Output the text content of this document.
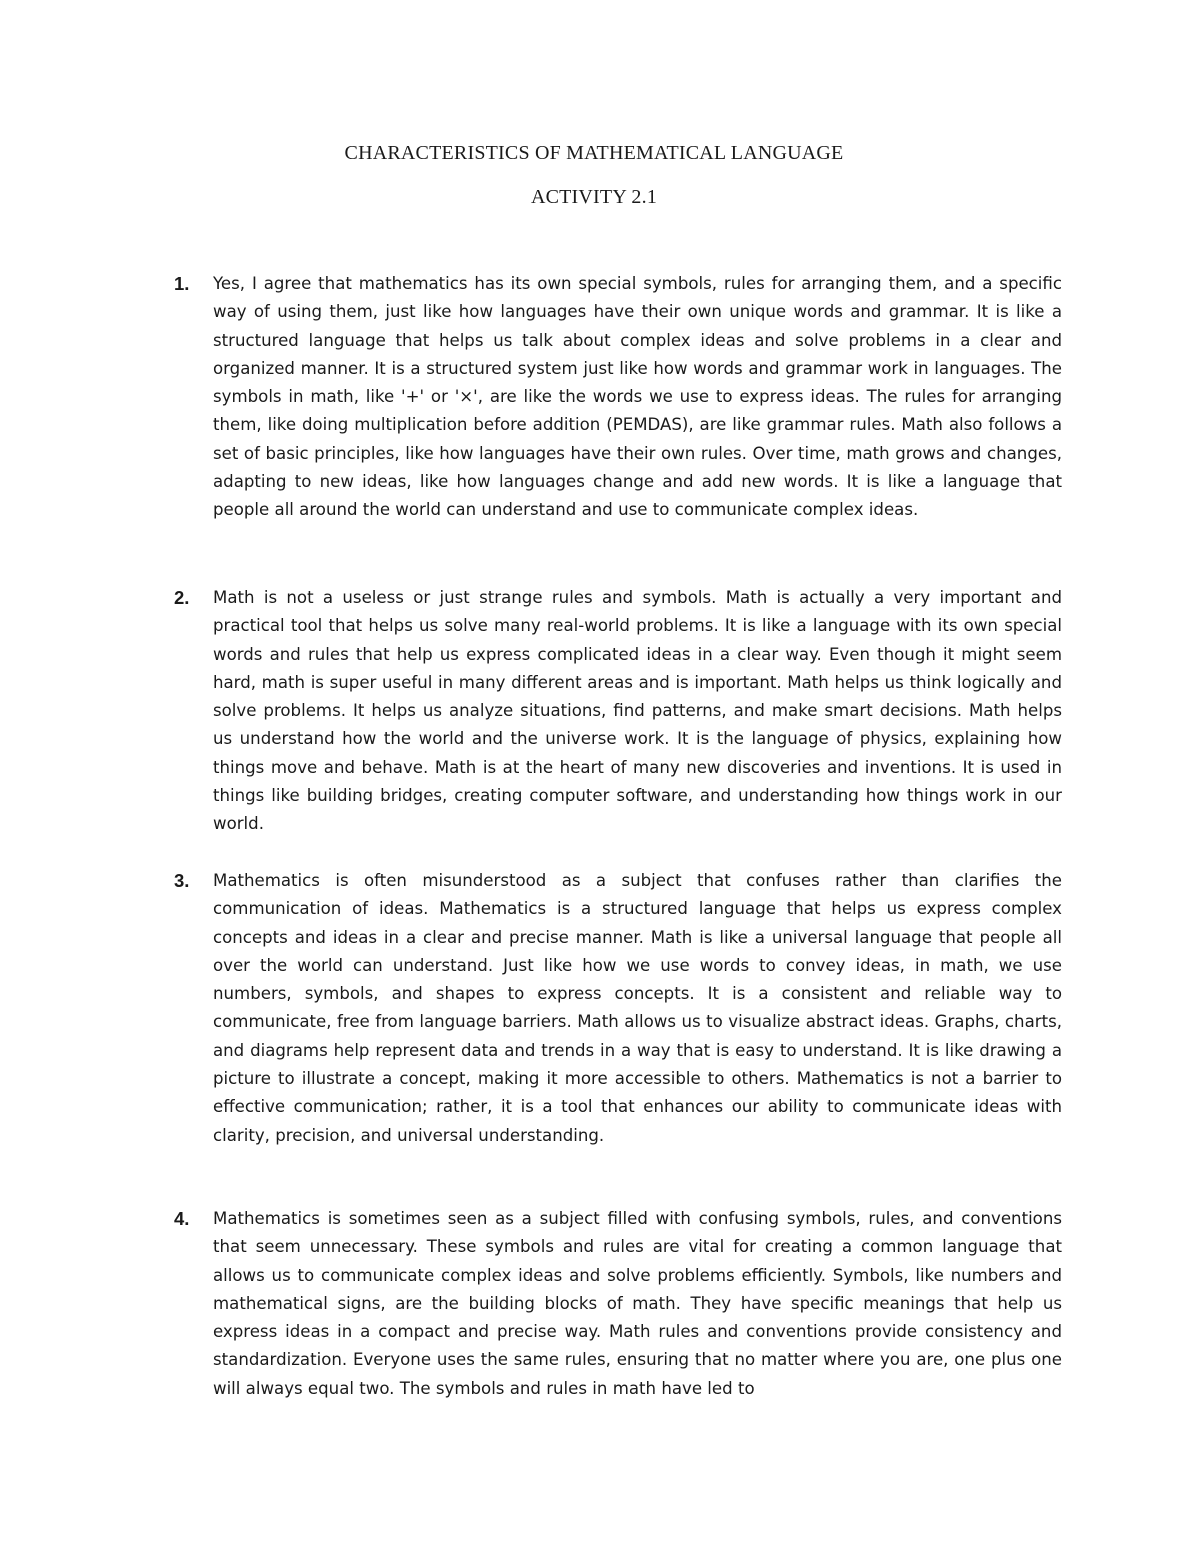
CHARACTERISTICS OF MATHEMATICAL LANGUAGE
ACTIVITY 2.1
1. Yes, I agree that mathematics has its own special symbols, rules for arranging them, and a specific way of using them, just like how languages have their own unique words and grammar. It is like a structured language that helps us talk about complex ideas and solve problems in a clear and organized manner. It is a structured system just like how words and grammar work in languages. The symbols in math, like '+' or '×', are like the words we use to express ideas. The rules for arranging them, like doing multiplication before addition (PEMDAS), are like grammar rules. Math also follows a set of basic principles, like how languages have their own rules. Over time, math grows and changes, adapting to new ideas, like how languages change and add new words. It is like a language that people all around the world can understand and use to communicate complex ideas.

2. Math is not a useless or just strange rules and symbols. Math is actually a very important and practical tool that helps us solve many real-world problems. It is like a language with its own special words and rules that help us express complicated ideas in a clear way. Even though it might seem hard, math is super useful in many different areas and is important. Math helps us think logically and solve problems. It helps us analyze situations, find patterns, and make smart decisions. Math helps us understand how the world and the universe work. It is the language of physics, explaining how things move and behave. Math is at the heart of many new discoveries and inventions. It is used in things like building bridges, creating computer software, and understanding how things work in our world.

3. Mathematics is often misunderstood as a subject that confuses rather than clarifies the communication of ideas. Mathematics is a structured language that helps us express complex concepts and ideas in a clear and precise manner. Math is like a universal language that people all over the world can understand. Just like how we use words to convey ideas, in math, we use numbers, symbols, and shapes to express concepts. It is a consistent and reliable way to communicate, free from language barriers. Math allows us to visualize abstract ideas. Graphs, charts, and diagrams help represent data and trends in a way that is easy to understand. It is like drawing a picture to illustrate a concept, making it more accessible to others. Mathematics is not a barrier to effective communication; rather, it is a tool that enhances our ability to communicate ideas with clarity, precision, and universal understanding.

4. Mathematics is sometimes seen as a subject filled with confusing symbols, rules, and conventions that seem unnecessary. These symbols and rules are vital for creating a common language that allows us to communicate complex ideas and solve problems efficiently. Symbols, like numbers and mathematical signs, are the building blocks of math. They have specific meanings that help us express ideas in a compact and precise way. Math rules and conventions provide consistency and standardization. Everyone uses the same rules, ensuring that no matter where you are, one plus one will always equal two. The symbols and rules in math have led to
